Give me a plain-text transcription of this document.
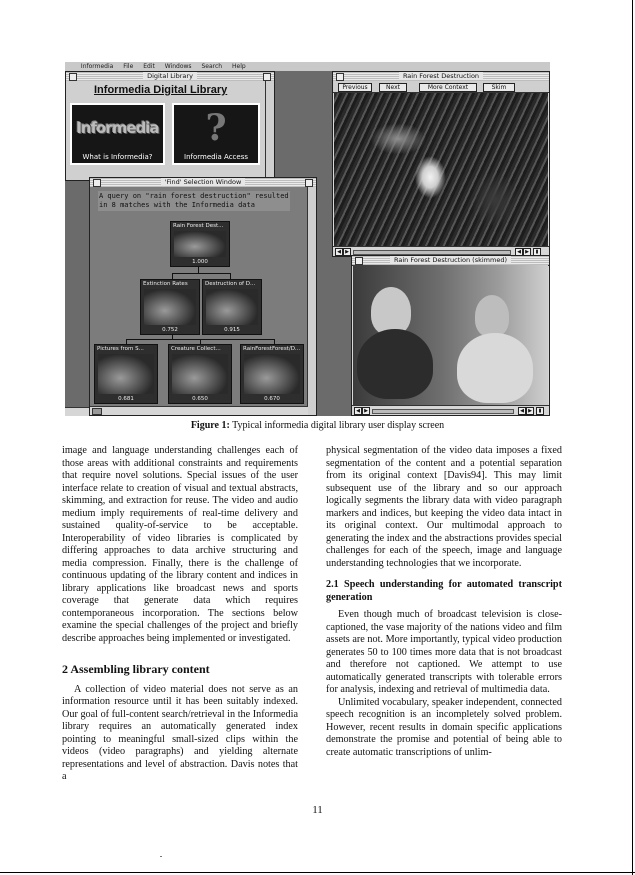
Informedia File Edit Windows Search Help
Digital Library
Informedia Digital Library
Informedia
What is Informedia?
?
Informedia Access
Rain Forest Destruction
Previous	Next	More Context	Skim
◀ ▶	◀ ▶	▮
'Find' Selection Window
A query on "rain forest destruction" resulted in 8 matches with the Informedia data
Rain Forest Dest...
1.000
Extinction Rates
0.752
Destruction of D...
0.915
Pictures from S...
0.681
Creature Collect...
0.650
RainForestForest/D...
0.670
Rain Forest Destruction (skimmed)
◀ ▶	◀ ▶	▮
Figure 1: Typical informedia digital library user display screen

image and language understanding challenges each of those areas with additional constraints and requirements that require novel solutions. Special issues of the user interface relate to creation of visual and textual abstracts, skimming, and extraction for reuse. The video and audio medium imply requirements of real-time delivery and sustained quality-of-service to be acceptable. Interoperability of video libraries is complicated by differing approaches to data archive structuring and media compression. Finally, there is the challenge of continuous updating of the library content and indices in library applications like broadcast news and sports coverage that generate data which requires contemporaneous incorporation. The sections below examine the special challenges of the project and briefly describe approaches being implemented or investigated.

2 Assembling library content

A collection of video material does not serve as an information resource until it has been suitably indexed. Our goal of full-content search/retrieval in the Informedia library requires an automatically generated index pointing to meaningful small-sized clips within the videos (video paragraphs) and yielding alternate representations and level of abstraction. Davis notes that a

physical segmentation of the video data imposes a fixed segmentation of the content and a potential separation from its original context [Davis94]. This may limit subsequent use of the library and so our approach logically segments the library data with video paragraph markers and indices, but keeping the video data intact in its original context. Our multimodal approach to generating the index and the abstractions provides special challenges for each of the speech, image and language understanding technologies that we incorporate.

2.1 Speech understanding for automated transcript generation

Even though much of broadcast television is close-captioned, the vase majority of the nations video and film assets are not. More importantly, typical video production generates 50 to 100 times more data that is not broadcast and therefore not captioned. We attempt to use automatically generated transcripts with tolerable errors for analysis, indexing and retrieval of multimedia data.

Unlimited vocabulary, speaker independent, connected speech recognition is an incompletely solved problem. However, recent results in domain specific applications demonstrate the promise and potential of being able to create automatic transcriptions of unlim-

11
